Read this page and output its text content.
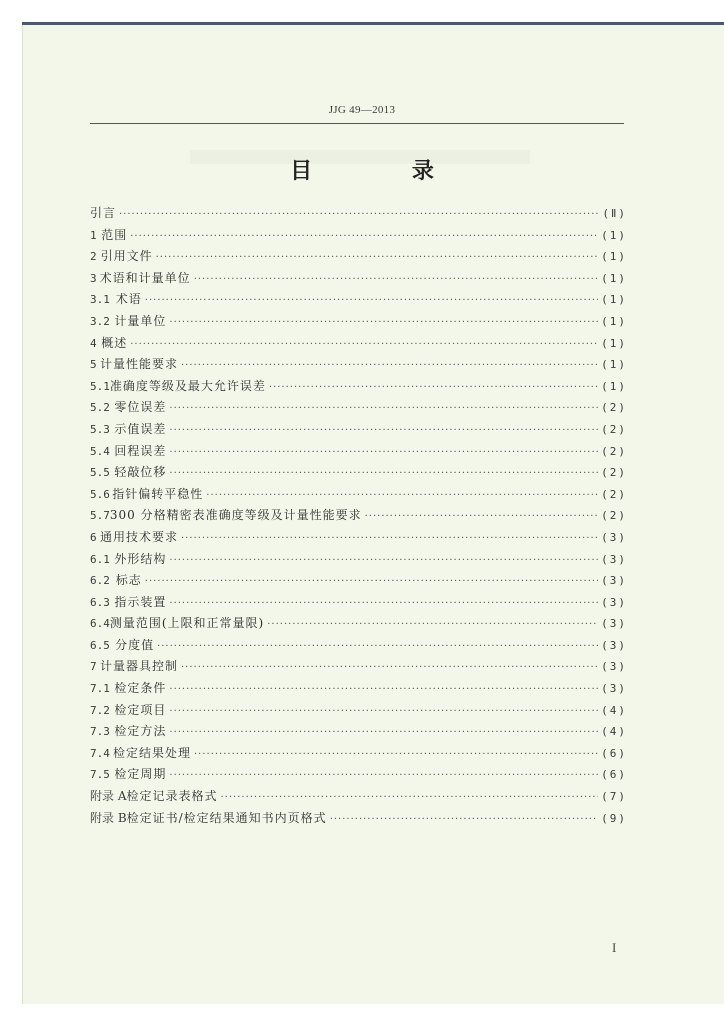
JJG 49—2013
目 录
引言 ·····	(Ⅱ)
1 范围 ·····	(1)
2 引用文件 ·····	(1)
3 术语和计量单位 ·····	(1)
3.1 术语 ·····	(1)
3.2 计量单位 ·····	(1)
4 概述 ·····	(1)
5 计量性能要求 ·····	(1)
5.1 准确度等级及最大允许误差 ·····	(1)
5.2 零位误差 ·····	(2)
5.3 示值误差 ·····	(2)
5.4 回程误差 ·····	(2)
5.5 轻敲位移 ·····	(2)
5.6 指针偏转平稳性 ·····	(2)
5.7 300 分格精密表准确度等级及计量性能要求 ·····	(2)
6 通用技术要求 ·····	(3)
6.1 外形结构 ·····	(3)
6.2 标志 ·····	(3)
6.3 指示装置 ·····	(3)
6.4 测量范围(上限和正常量限) ·····	(3)
6.5 分度值 ·····	(3)
7 计量器具控制 ·····	(3)
7.1 检定条件 ·····	(3)
7.2 检定项目 ·····	(4)
7.3 检定方法 ·····	(4)
7.4 检定结果处理 ·····	(6)
7.5 检定周期 ·····	(6)
附录 A 检定记录表格式 ·····	(7)
附录 B 检定证书/检定结果通知书内页格式 ·····	(9)
I
